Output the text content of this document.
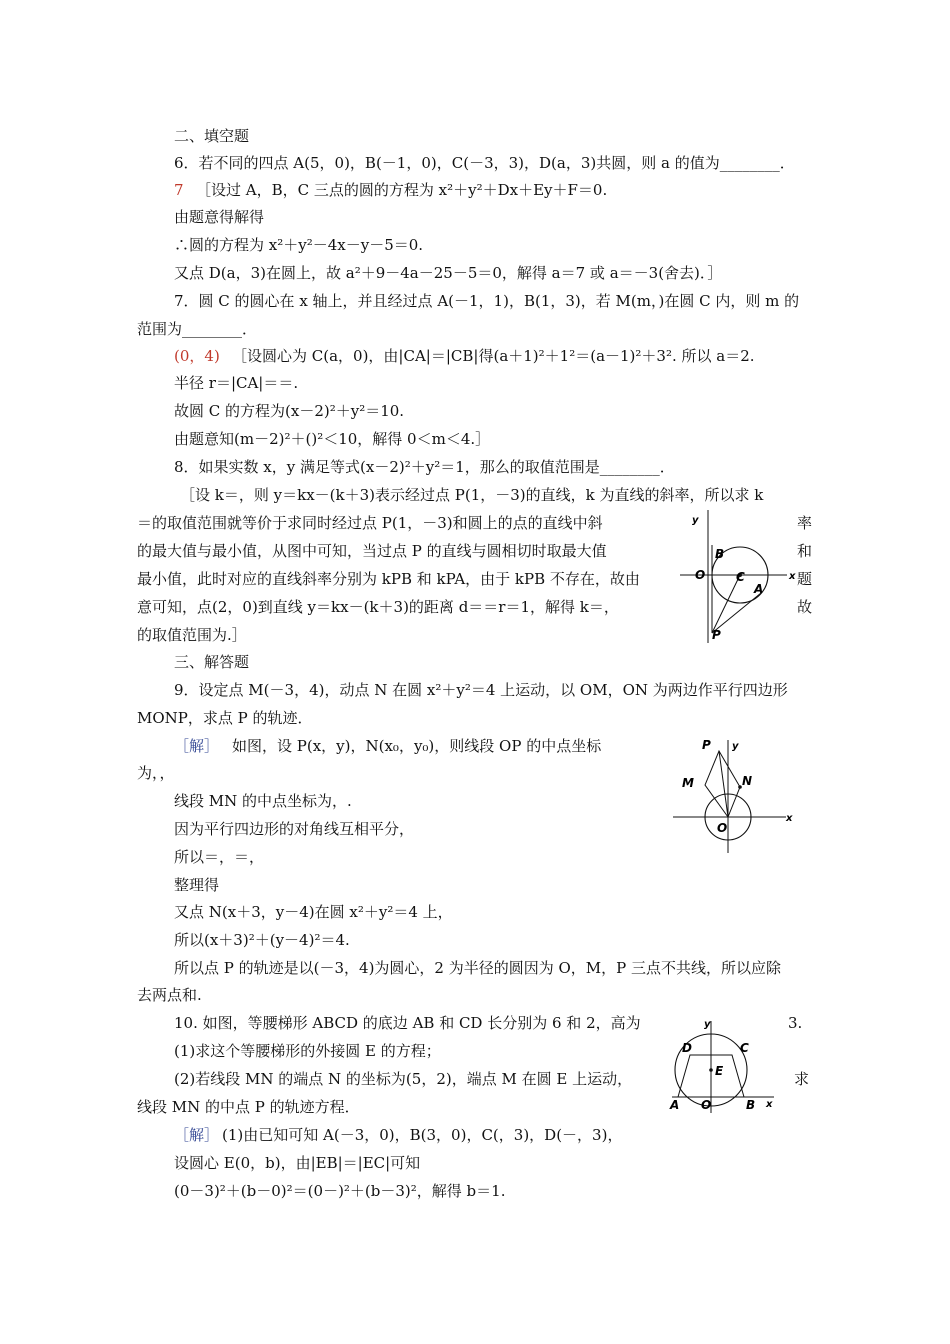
二、填空题
6．若不同的四点 A(5，0)，B(－1，0)，C(－3，3)，D(a，3)共圆，则 a 的值为________．
7 ［设过 A，B，C 三点的圆的方程为 x²＋y²＋Dx＋Ey＋F＝0.
由题意得解得
∴圆的方程为 x²＋y²－4x－y－5＝0.
又点 D(a，3)在圆上，故 a²＋9－4a－25－5＝0，解得 a＝7 或 a＝－3(舍去)．］
7．圆 C 的圆心在 x 轴上，并且经过点 A(－1，1)，B(1，3)，若 M(m，)在圆 C 内，则 m 的
范围为________．
(0，4) ［设圆心为 C(a，0)，由|CA|＝|CB|得(a＋1)²＋1²＝(a－1)²＋3². 所以 a＝2.
半径 r＝|CA|＝＝.
故圆 C 的方程为(x－2)²＋y²＝10.
由题意知(m－2)²＋()²＜10，解得 0＜m＜4.］
8．如果实数 x，y 满足等式(x－2)²＋y²＝1，那么的取值范围是________．
［设 k＝，则 y＝kx－(k＋3)表示经过点 P(1，－3)的直线，k 为直线的斜率，所以求 k
＝的取值范围就等价于求同时经过点 P(1，－3)和圆上的点的直线中斜	率
的最大值与最小值，从图中可知，当过点 P 的直线与圆相切时取最大值	和
最小值，此时对应的直线斜率分别为 kPB 和 kPA，由于 kPB 不存在，故由	题
意可知，点(2，0)到直线 y＝kx－(k＋3)的距离 d＝＝r＝1，解得 k＝，	故
的取值范围为.］
y
x
O
B
C
A
P
三、解答题
9．设定点 M(－3，4)，动点 N 在圆 x²＋y²＝4 上运动，以 OM，ON 为两边作平行四边形
MONP，求点 P 的轨迹．
［解］ 如图，设 P(x，y)，N(x₀，y₀)，则线段 OP 的中点坐标
为，，
线段 MN 的中点坐标为，.
因为平行四边形的对角线互相平分，
所以＝，＝，
整理得
又点 N(x＋3，y－4)在圆 x²＋y²＝4 上，
所以(x＋3)²＋(y－4)²＝4.
所以点 P 的轨迹是以(－3，4)为圆心，2 为半径的圆因为 O，M，P 三点不共线，所以应除
去两点和.
P y
M	N
O
x
10. 如图，等腰梯形 ABCD 的底边 AB 和 CD 长分别为 6 和 2，高为	3.
(1)求这个等腰梯形的外接圆 E 的方程；
(2)若线段 MN 的端点 N 的坐标为(5，2)，端点 M 在圆 E 上运动，	求
线段 MN 的中点 P 的轨迹方程．
［解］ (1)由已知可知 A(－3，0)，B(3，0)，C(，3)，D(－，3)，
设圆心 E(0，b)，由|EB|＝|EC|可知
(0－3)²＋(b－0)²＝(0－)²＋(b－3)²，解得 b＝1.
y
D	C
E
A O	B x
